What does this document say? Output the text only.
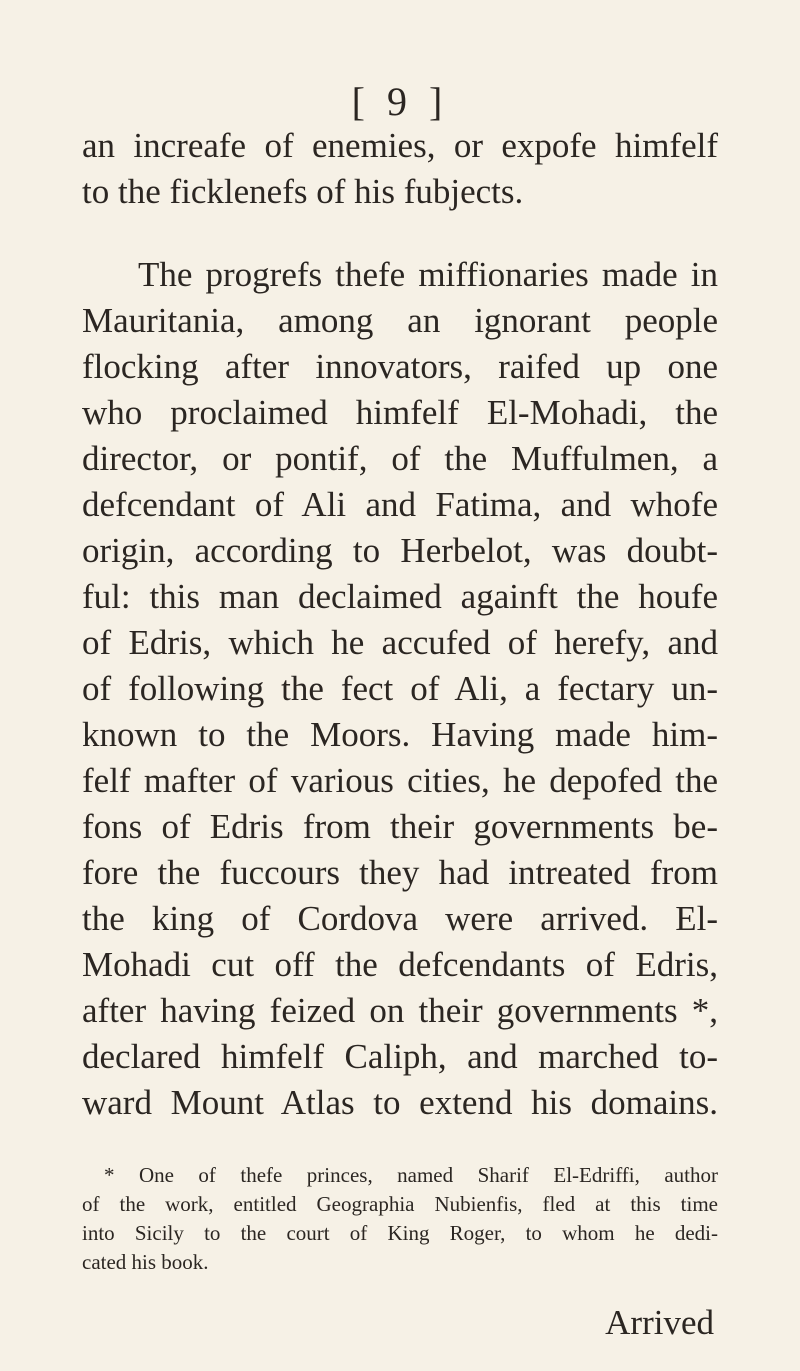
[ 9 ]
an increafe of enemies, or expofe himfelf
to the ficklenefs of his fubjects.
The progrefs thefe miffionaries made in
Mauritania, among an ignorant people
flocking after innovators, raifed up one
who proclaimed himfelf El-Mohadi, the
director, or pontif, of the Muffulmen, a
defcendant of Ali and Fatima, and whofe
origin, according to Herbelot, was doubt-
ful: this man declaimed againft the houfe
of Edris, which he accufed of herefy, and
of following the fect of Ali, a fectary un-
known to the Moors. Having made him-
felf mafter of various cities, he depofed the
fons of Edris from their governments be-
fore the fuccours they had intreated from
the king of Cordova were arrived. El-
Mohadi cut off the defcendants of Edris,
after having feized on their governments *,
declared himfelf Caliph, and marched to-
ward Mount Atlas to extend his domains.
* One of thefe princes, named Sharif El-Edriffi, author
of the work, entitled Geographia Nubienfis, fled at this time
into Sicily to the court of King Roger, to whom he dedi-
cated his book.
Arrived
